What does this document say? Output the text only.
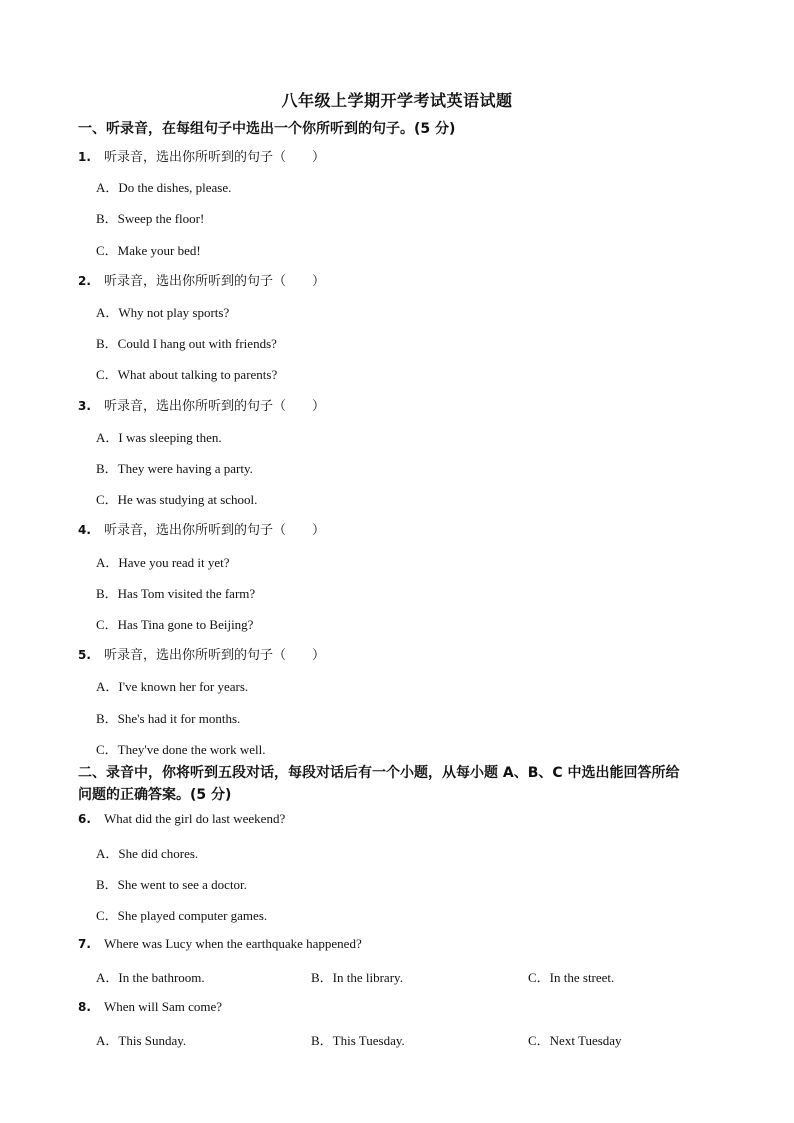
八年级上学期开学考试英语试题
一、听录音，在每组句子中选出一个你所听到的句子。(5 分)
1.	听录音，选出你所听到的句子（　　）
A．Do the dishes, please.
B．Sweep the floor!
C．Make your bed!
2.	听录音，选出你所听到的句子（　　）
A．Why not play sports?
B．Could I hang out with friends?
C．What about talking to parents?
3.	听录音，选出你所听到的句子（　　）
A．I was sleeping then.
B．They were having a party.
C．He was studying at school.
4.	听录音，选出你所听到的句子（　　）
A．Have you read it yet?
B．Has Tom visited the farm?
C．Has Tina gone to Beijing?
5.	听录音，选出你所听到的句子（　　）
A．I've known her for years.
B．She's had it for months.
C．They've done the work well.
二、录音中，你将听到五段对话，每段对话后有一个小题，从每小题 A、B、C 中选出能回答所给
问题的正确答案。(5 分)
6.	What did the girl do last weekend?
A．She did chores.
B．She went to see a doctor.
C．She played computer games.
7.	Where was Lucy when the earthquake happened?
A．In the bathroom.	B．In the library.	C．In the street.
8.	When will Sam come?
A．This Sunday.	B．This Tuesday.	C．Next Tuesday
